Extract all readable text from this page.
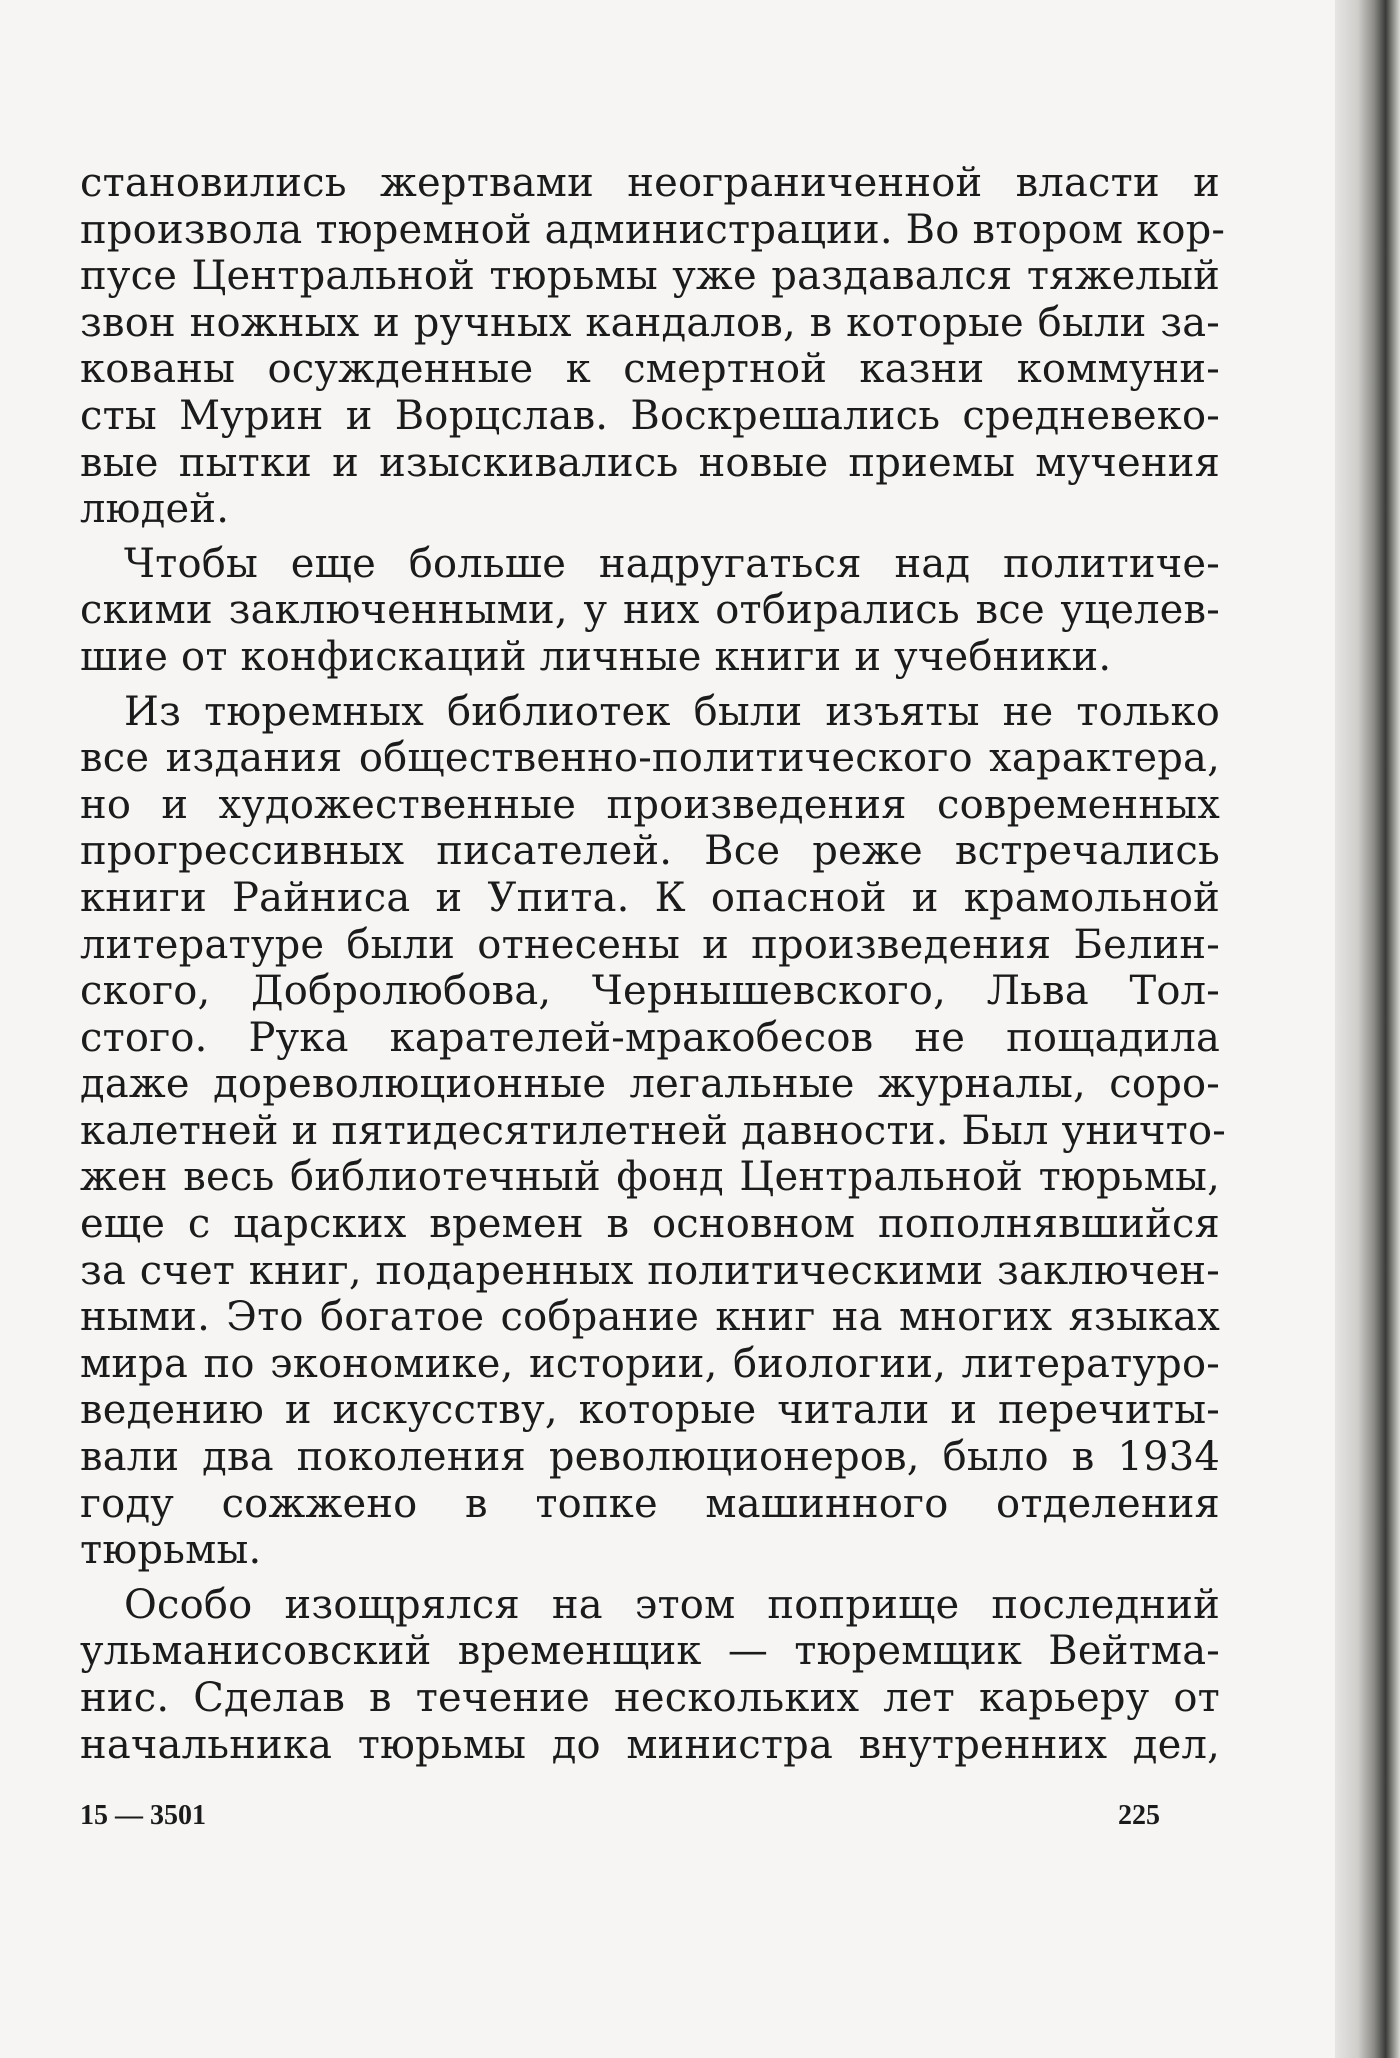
становились жертвами неограниченной власти и
произвола тюремной администрации. Во втором кор-
пусе Центральной тюрьмы уже раздавался тяжелый
звон ножных и ручных кандалов, в которые были за-
кованы осужденные к смертной казни коммуни-
сты Мурин и Ворцслав. Воскрешались средневеко-
вые пытки и изыскивались новые приемы мучения
людей.

Чтобы еще больше надругаться над политиче-
скими заключенными, у них отбирались все уцелев-
шие от конфискаций личные книги и учебники.

Из тюремных библиотек были изъяты не только
все издания общественно-политического характера,
но и художественные произведения современных
прогрессивных писателей. Все реже встречались
книги Райниса и Упита. К опасной и крамольной
литературе были отнесены и произведения Белин-
ского, Добролюбова, Чернышевского, Льва Тол-
стого. Рука карателей-мракобесов не пощадила
даже дореволюционные легальные журналы, соро-
калетней и пятидесятилетней давности. Был уничто-
жен весь библиотечный фонд Центральной тюрьмы,
еще с царских времен в основном пополнявшийся
за счет книг, подаренных политическими заключен-
ными. Это богатое собрание книг на многих языках
мира по экономике, истории, биологии, литературо-
ведению и искусству, которые читали и перечиты-
вали два поколения революционеров, было в 1934
году сожжено в топке машинного отделения
тюрьмы.

Особо изощрялся на этом поприще последний
ульманисовский временщик — тюремщик Вейтма-
нис. Сделав в течение нескольких лет карьеру от
начальника тюрьмы до министра внутренних дел,

15 — 3501	225
